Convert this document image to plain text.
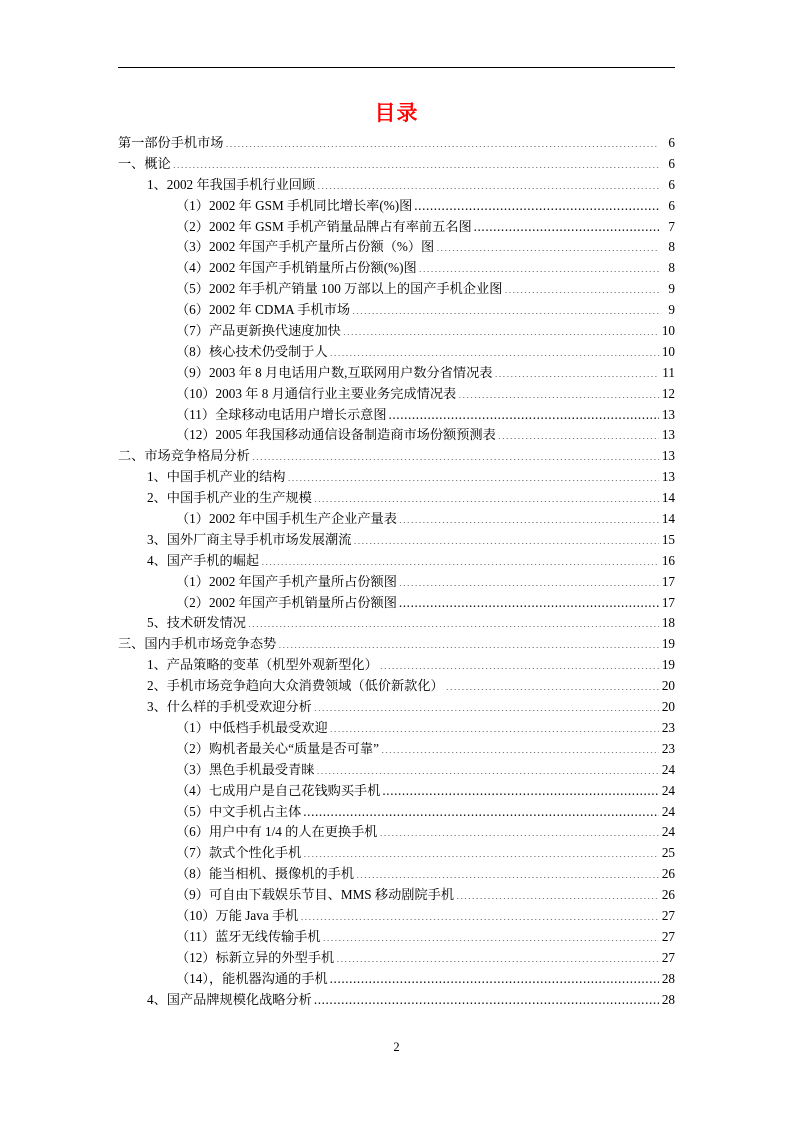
目录
第一部份手机市场 .....	6
一、概论 .....	6
1、2002 年我国手机行业回顾 .....	6
（1）2002 年 GSM 手机同比增长率(%)图 .....	6
（2）2002 年 GSM 手机产销量品牌占有率前五名图 .....	7
（3）2002 年国产手机产量所占份额（%）图 .....	8
（4）2002 年国产手机销量所占份额(%)图 .....	8
（5）2002 年手机产销量 100 万部以上的国产手机企业图 .....	9
（6）2002 年 CDMA 手机市场 .....	9
（7）产品更新换代速度加快 .....	10
（8）核心技术仍受制于人 .....	10
（9）2003 年 8 月电话用户数,互联网用户数分省情况表 .....	11
（10）2003 年 8 月通信行业主要业务完成情况表 .....	12
（11）全球移动电话用户增长示意图 .....	13
（12）2005 年我国移动通信设备制造商市场份额预测表 .....	13
二、市场竞争格局分析 .....	13
1、中国手机产业的结构 .....	13
2、中国手机产业的生产规模 .....	14
（1）2002 年中国手机生产企业产量表 .....	14
3、国外厂商主导手机市场发展潮流 .....	15
4、国产手机的崛起 .....	16
（1）2002 年国产手机产量所占份额图 .....	17
（2）2002 年国产手机销量所占份额图 .....	17
5、技术研发情况 .....	18
三、国内手机市场竞争态势 .....	19
1、产品策略的变革（机型外观新型化） .....	19
2、手机市场竞争趋向大众消费领域（低价新款化） .....	20
3、什么样的手机受欢迎分析 .....	20
（1）中低档手机最受欢迎 .....	23
（2）购机者最关心“质量是否可靠” .....	23
（3）黑色手机最受青睐 .....	24
（4）七成用户是自己花钱购买手机 .....	24
（5）中文手机占主体 .....	24
（6）用户中有 1/4 的人在更换手机 .....	24
（7）款式个性化手机 .....	25
（8）能当相机、摄像机的手机 .....	26
（9）可自由下载娱乐节目、MMS 移动剧院手机 .....	26
（10）万能 Java 手机 .....	27
（11）蓝牙无线传输手机 .....	27
（12）标新立异的外型手机 .....	27
（14），能机器沟通的手机 .....	28
4、国产品牌规模化战略分析 .....	28
2
